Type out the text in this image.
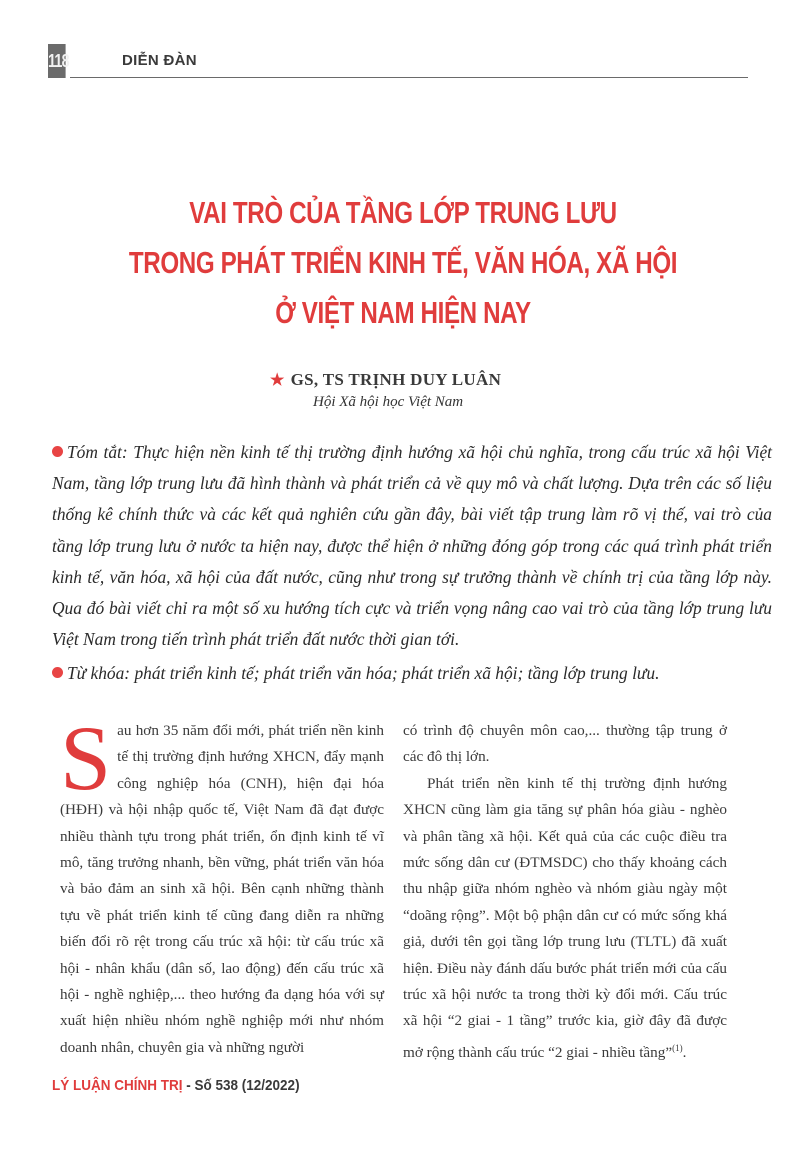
118	DIỄN ĐÀN
VAI TRÒ CỦA TẦNG LỚP TRUNG LƯU
TRONG PHÁT TRIỂN KINH TẾ, VĂN HÓA, XÃ HỘI
Ở VIỆT NAM HIỆN NAY
★ GS, TS TRỊNH DUY LUÂN
Hội Xã hội học Việt Nam

Tóm tắt: Thực hiện nền kinh tế thị trường định hướng xã hội chủ nghĩa, trong cấu trúc xã hội Việt Nam, tầng lớp trung lưu đã hình thành và phát triển cả về quy mô và chất lượng. Dựa trên các số liệu thống kê chính thức và các kết quả nghiên cứu gần đây, bài viết tập trung làm rõ vị thế, vai trò của tầng lớp trung lưu ở nước ta hiện nay, được thể hiện ở những đóng góp trong các quá trình phát triển kinh tế, văn hóa, xã hội của đất nước, cũng như trong sự trưởng thành về chính trị của tầng lớp này. Qua đó bài viết chỉ ra một số xu hướng tích cực và triển vọng nâng cao vai trò của tầng lớp trung lưu Việt Nam trong tiến trình phát triển đất nước thời gian tới.

Từ khóa: phát triển kinh tế; phát triển văn hóa; phát triển xã hội; tầng lớp trung lưu.

Sau hơn 35 năm đổi mới, phát triển nền kinh tế thị trường định hướng XHCN, đẩy mạnh công nghiệp hóa (CNH), hiện đại hóa (HĐH) và hội nhập quốc tế, Việt Nam đã đạt được nhiều thành tựu trong phát triển, ổn định kinh tế vĩ mô, tăng trưởng nhanh, bền vững, phát triển văn hóa và bảo đảm an sinh xã hội. Bên cạnh những thành tựu về phát triển kinh tế cũng đang diễn ra những biến đổi rõ rệt trong cấu trúc xã hội: từ cấu trúc xã hội - nhân khẩu (dân số, lao động) đến cấu trúc xã hội - nghề nghiệp,... theo hướng đa dạng hóa với sự xuất hiện nhiều nhóm nghề nghiệp mới như nhóm doanh nhân, chuyên gia và những người

có trình độ chuyên môn cao,... thường tập trung ở các đô thị lớn.

Phát triển nền kinh tế thị trường định hướng XHCN cũng làm gia tăng sự phân hóa giàu - nghèo và phân tầng xã hội. Kết quả của các cuộc điều tra mức sống dân cư (ĐTMSDC) cho thấy khoảng cách thu nhập giữa nhóm nghèo và nhóm giàu ngày một “doãng rộng”. Một bộ phận dân cư có mức sống khá giả, dưới tên gọi tầng lớp trung lưu (TLTL) đã xuất hiện. Điều này đánh dấu bước phát triển mới của cấu trúc xã hội nước ta trong thời kỳ đổi mới. Cấu trúc xã hội “2 giai - 1 tầng” trước kia, giờ đây đã được mở rộng thành cấu trúc “2 giai - nhiều tầng”$^{(1)}$.

LÝ LUẬN CHÍNH TRỊ - Số 538 (12/2022)
